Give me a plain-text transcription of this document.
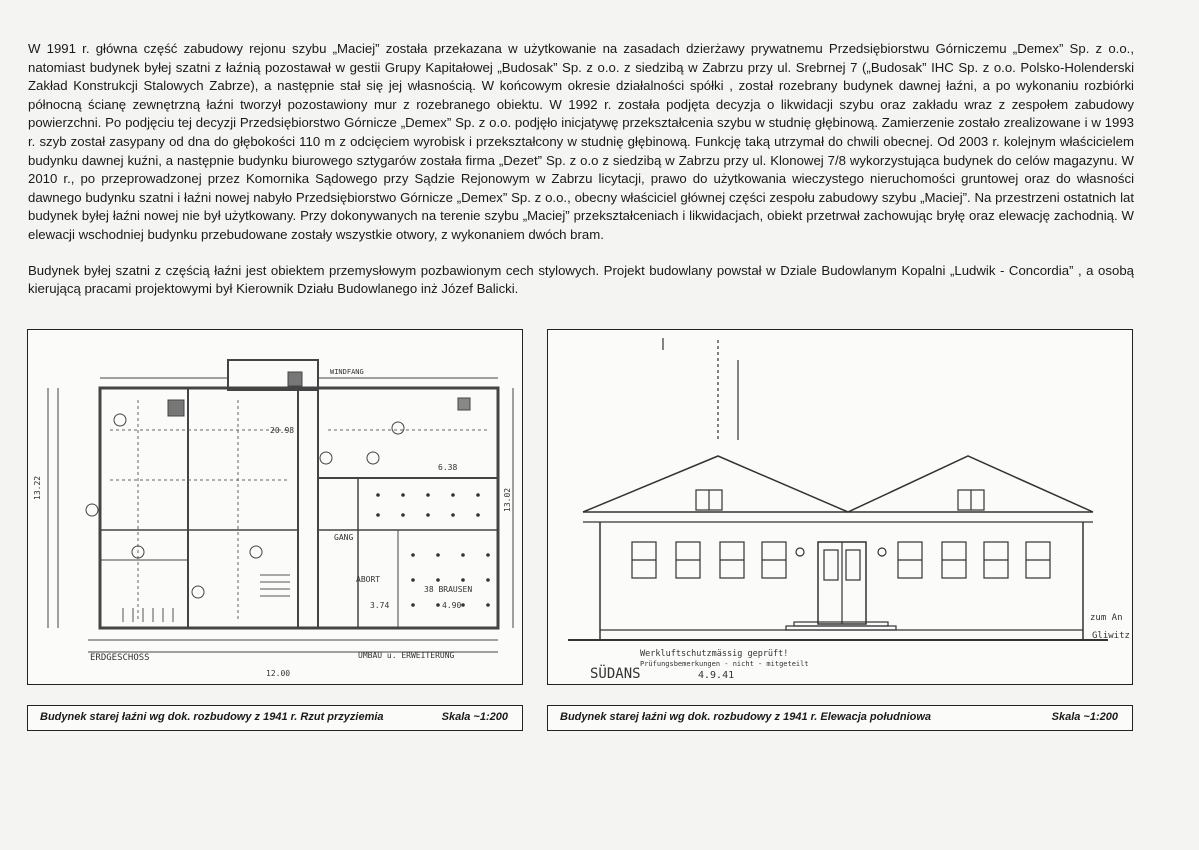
W 1991 r. główna część zabudowy rejonu szybu „Maciej” została przekazana w użytkowanie na zasadach dzierżawy prywatnemu Przedsiębiorstwu Górniczemu „Demex” Sp. z o.o., natomiast budynek byłej szatni z łaźnią pozostawał w gestii Grupy Kapitałowej „Budosak” Sp. z o.o. z siedzibą w Zabrzu przy ul. Srebrnej 7 („Budosak” IHC Sp. z o.o. Polsko-Holenderski Zakład Konstrukcji Stalowych Zabrze), a następnie stał się jej własnością. W końcowym okresie działalności spółki , został rozebrany budynek dawnej łaźni, a po wykonaniu rozbiórki północną ścianę zewnętrzną łaźni tworzył pozostawiony mur z rozebranego obiektu. W 1992 r. została podjęta decyzja o likwidacji szybu oraz zakładu wraz z zespołem zabudowy powierzchni. Po podjęciu tej decyzji Przedsiębiorstwo Górnicze „Demex” Sp. z o.o. podjęło inicjatywę przekształcenia szybu w studnię głębinową. Zamierzenie zostało zrealizowane i w 1993 r. szyb został zasypany od dna do głębokości 110 m z odcięciem wyrobisk i przekształcony w studnię głębinową. Funkcję taką utrzymał do chwili obecnej. Od 2003 r. kolejnym właścicielem budynku dawnej kuźni, a następnie budynku biurowego sztygarów została firma „Dezet” Sp. z o.o z siedzibą w Zabrzu przy ul. Klonowej 7/8 wykorzystująca budynek do celów magazynu. W 2010 r., po przeprowadzonej przez Komornika Sądowego przy Sądzie Rejonowym w Zabrzu licytacji, prawo do użytkowania wieczystego nieruchomości gruntowej oraz do własności dawnego budynku szatni i łaźni nowej nabyło Przedsiębiorstwo Górnicze „Demex” Sp. z o.o., obecny właściciel głównej części zespołu zabudowy szybu „Maciej”. Na przestrzeni ostatnich lat budynek byłej łaźni nowej nie był użytkowany. Przy dokonywanych na terenie szybu „Maciej” przekształceniach i likwidacjach, obiekt przetrwał zachowując bryłę oraz elewację zachodnią. W elewacji wschodniej budynku przebudowane zostały wszystkie otwory, z wykonaniem dwóch bram.

Budynek byłej szatni z częścią łaźni jest obiektem przemysłowym pozbawionym cech stylowych. Projekt budowlany powstał w Dziale Budowlanym Kopalni „Ludwik - Concordia” , a osobą kierującą pracami projektowymi był Kierownik Działu Budowlanego inż Józef Balicki.

WINDFANG
20.98
6.38
GANG
ABORT
3.74	4.90
38 BRAUSEN
ERDGESCHOSS	UMBAU u. ERWEITERUNG
12.00
13.22	13.02
Werkluftschutzmässig geprüft!
Prüfungsbemerkungen - nicht - mitgeteilt
SÜDANS	4.9.41
zum An
Gliwitz
Budynek starej łaźni wg dok. rozbudowy z 1941 r. Rzut przyziemia	Skala ~1:200	Budynek starej łaźni wg dok. rozbudowy z 1941 r. Elewacja południowa	Skala ~1:200
